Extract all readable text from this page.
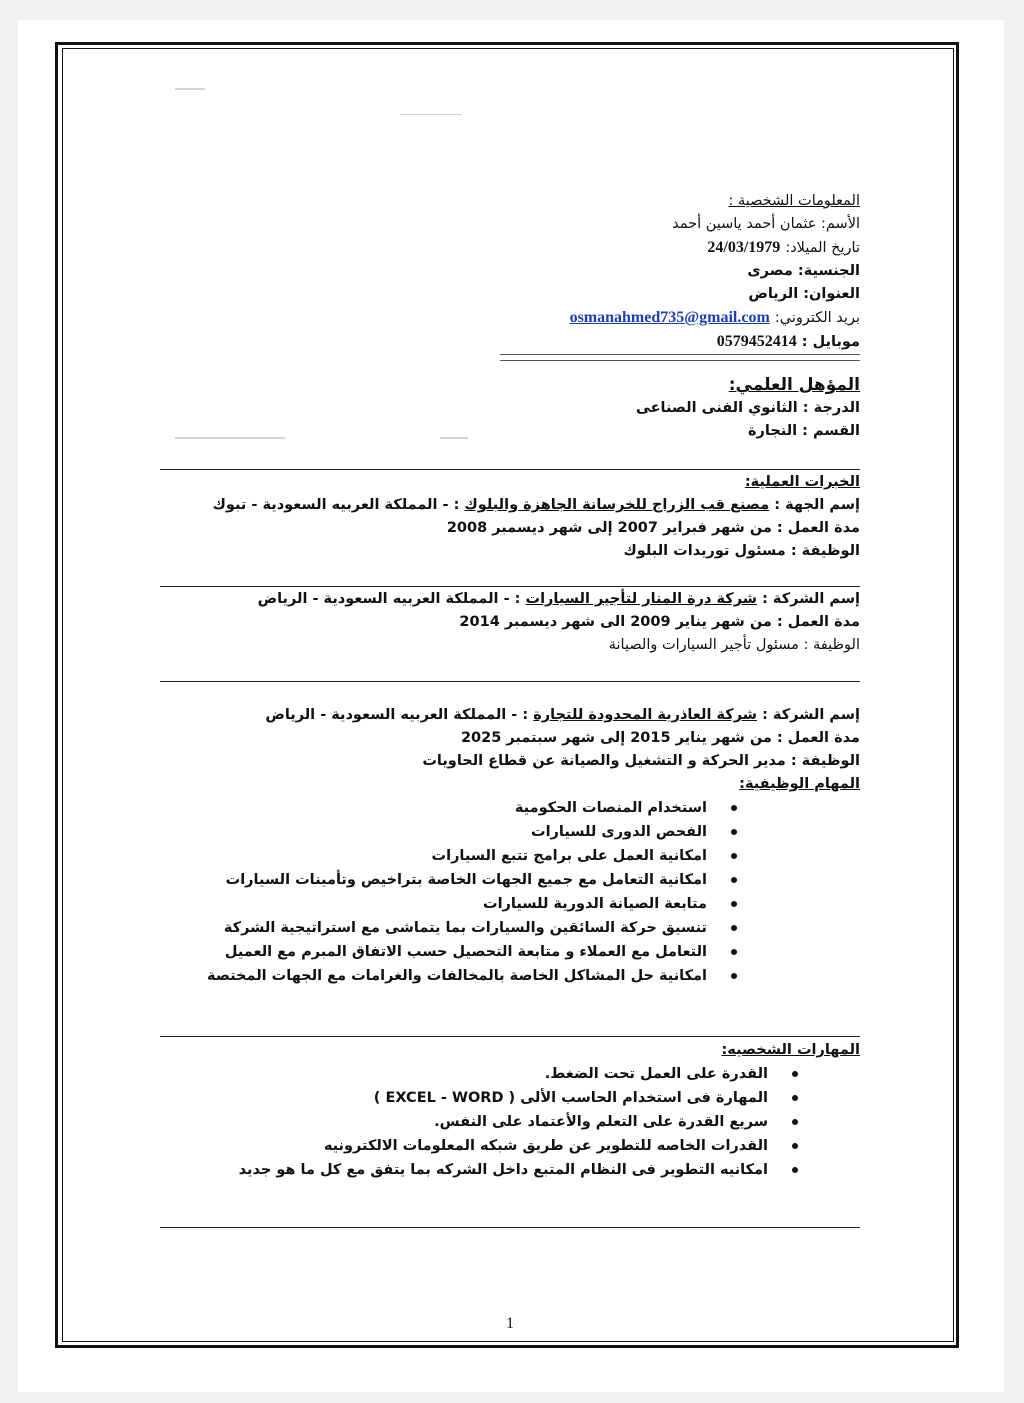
المعلومات الشخصية :
الأسم: عثمان أحمد ياسين أحمد
تاريخ الميلاد: 24/03/1979
الجنسية: مصرى
العنوان: الرياض
بريد الكتروني: osmanahmed735@gmail.com
موبايل : 0579452414
المؤهل العلمي:
الدرجة : الثانوي الفنى الصناعى
القسم : النجارة
الخبرات العملية:
إسم الجهة : مصنع قب الزراج للخرسانة الجاهزة والبلوك : - المملكة العربيه السعودية - تبوك
مدة العمل : من شهر فبراير 2007 إلى شهر ديسمبر 2008
الوظيفة : مسئول توريدات البلوك
إسم الشركة : شركة درة المنار لتأجير السيارات : - المملكة العربيه السعودية - الرياض
مدة العمل : من شهر يناير 2009 الى شهر ديسمبر 2014
الوظيفة : مسئول تأجير السيارات والصيانة
إسم الشركة : شركة العاذرية المحدودة للتجارة : - المملكة العربيه السعودية - الرياض
مدة العمل : من شهر يناير 2015 إلى شهر سبتمبر 2025
الوظيفة : مدير الحركة و التشغيل والصيانة عن قطاع الحاويات
المهام الوظيفية:
استخدام المنصات الحكومية
الفحص الدورى للسيارات
امكانية العمل على برامج تتبع السيارات
امكانية التعامل مع جميع الجهات الخاصة بتراخيص وتأمينات السيارات
متابعة الصيانة الدورية للسيارات
تنسيق حركة السائقين والسيارات بما يتماشى مع استراتيجية الشركة
التعامل مع العملاء و متابعة التحصيل حسب الاتفاق المبرم مع العميل
امكانية حل المشاكل الخاصة بالمخالفات والغرامات مع الجهات المختصة
المهارات الشخصيه:
القدرة على العمل تحت الضغط.
المهارة فى استخدام الحاسب الألى ( EXCEL - WORD )
سريع القدرة على التعلم والأعتماد على النفس.
القدرات الخاصه للتطوير عن طريق شبكه المعلومات الالكترونيه
امكانيه التطوير فى النظام المتبع داخل الشركه بما يتفق مع كل ما هو جديد
1
